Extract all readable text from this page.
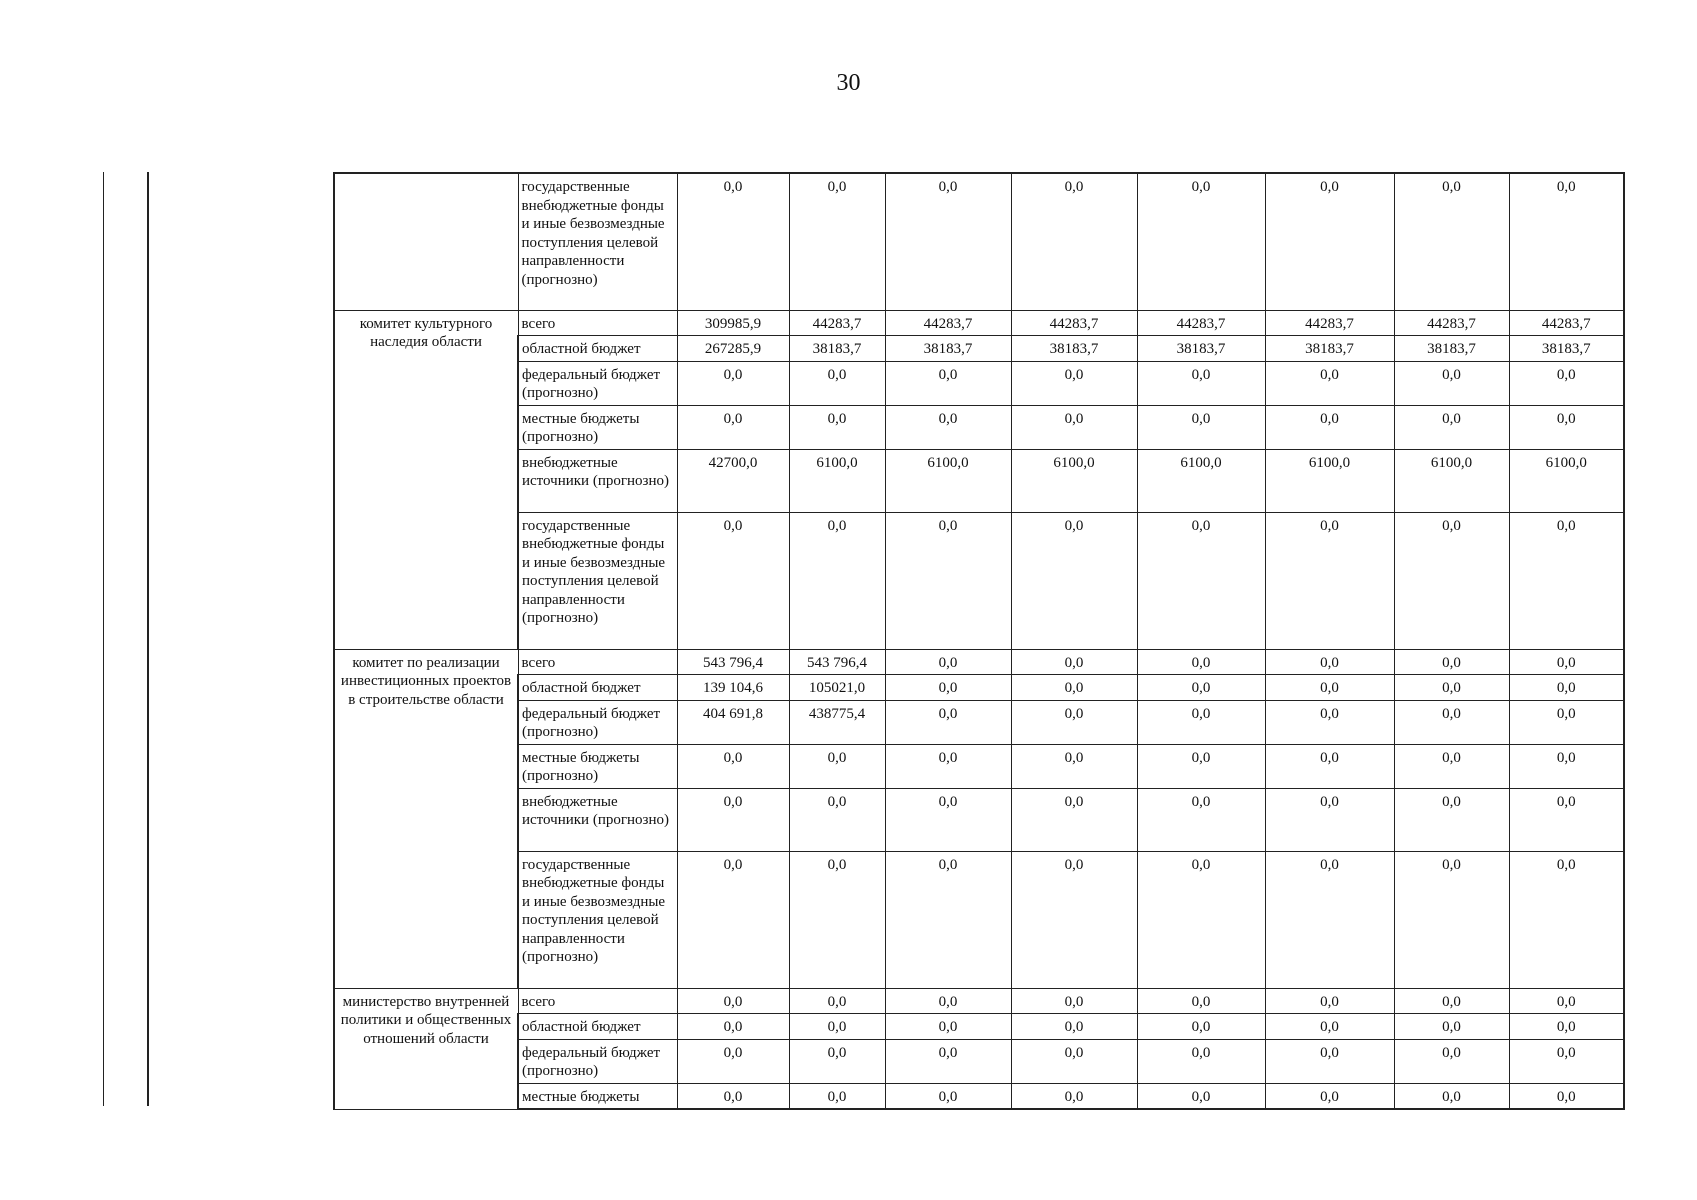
30
	государственные внебюджетные фонды и иные безвозмездные поступления целевой направленности (прогнозно)	0,0	0,0	0,0	0,0	0,0	0,0	0,0	0,0
комитет культурного наследия области	всего	309985,9	44283,7	44283,7	44283,7	44283,7	44283,7	44283,7	44283,7
	областной бюджет	267285,9	38183,7	38183,7	38183,7	38183,7	38183,7	38183,7	38183,7
	федеральный бюджет (прогнозно)	0,0	0,0	0,0	0,0	0,0	0,0	0,0	0,0
	местные бюджеты (прогнозно)	0,0	0,0	0,0	0,0	0,0	0,0	0,0	0,0
	внебюджетные источники (прогнозно)	42700,0	6100,0	6100,0	6100,0	6100,0	6100,0	6100,0	6100,0
	государственные внебюджетные фонды и иные безвозмездные поступления целевой направленности (прогнозно)	0,0	0,0	0,0	0,0	0,0	0,0	0,0	0,0
комитет по реализации инвестиционных проектов в строительстве области	всего	543 796,4	543 796,4	0,0	0,0	0,0	0,0	0,0	0,0
	областной бюджет	139 104,6	105021,0	0,0	0,0	0,0	0,0	0,0	0,0
	федеральный бюджет (прогнозно)	404 691,8	438775,4	0,0	0,0	0,0	0,0	0,0	0,0
	местные бюджеты (прогнозно)	0,0	0,0	0,0	0,0	0,0	0,0	0,0	0,0
	внебюджетные источники (прогнозно)	0,0	0,0	0,0	0,0	0,0	0,0	0,0	0,0
	государственные внебюджетные фонды и иные безвозмездные поступления целевой направленности (прогнозно)	0,0	0,0	0,0	0,0	0,0	0,0	0,0	0,0
министерство внутренней политики и общественных отношений области	всего	0,0	0,0	0,0	0,0	0,0	0,0	0,0	0,0
	областной бюджет	0,0	0,0	0,0	0,0	0,0	0,0	0,0	0,0
	федеральный бюджет (прогнозно)	0,0	0,0	0,0	0,0	0,0	0,0	0,0	0,0
	местные бюджеты	0,0	0,0	0,0	0,0	0,0	0,0	0,0	0,0
